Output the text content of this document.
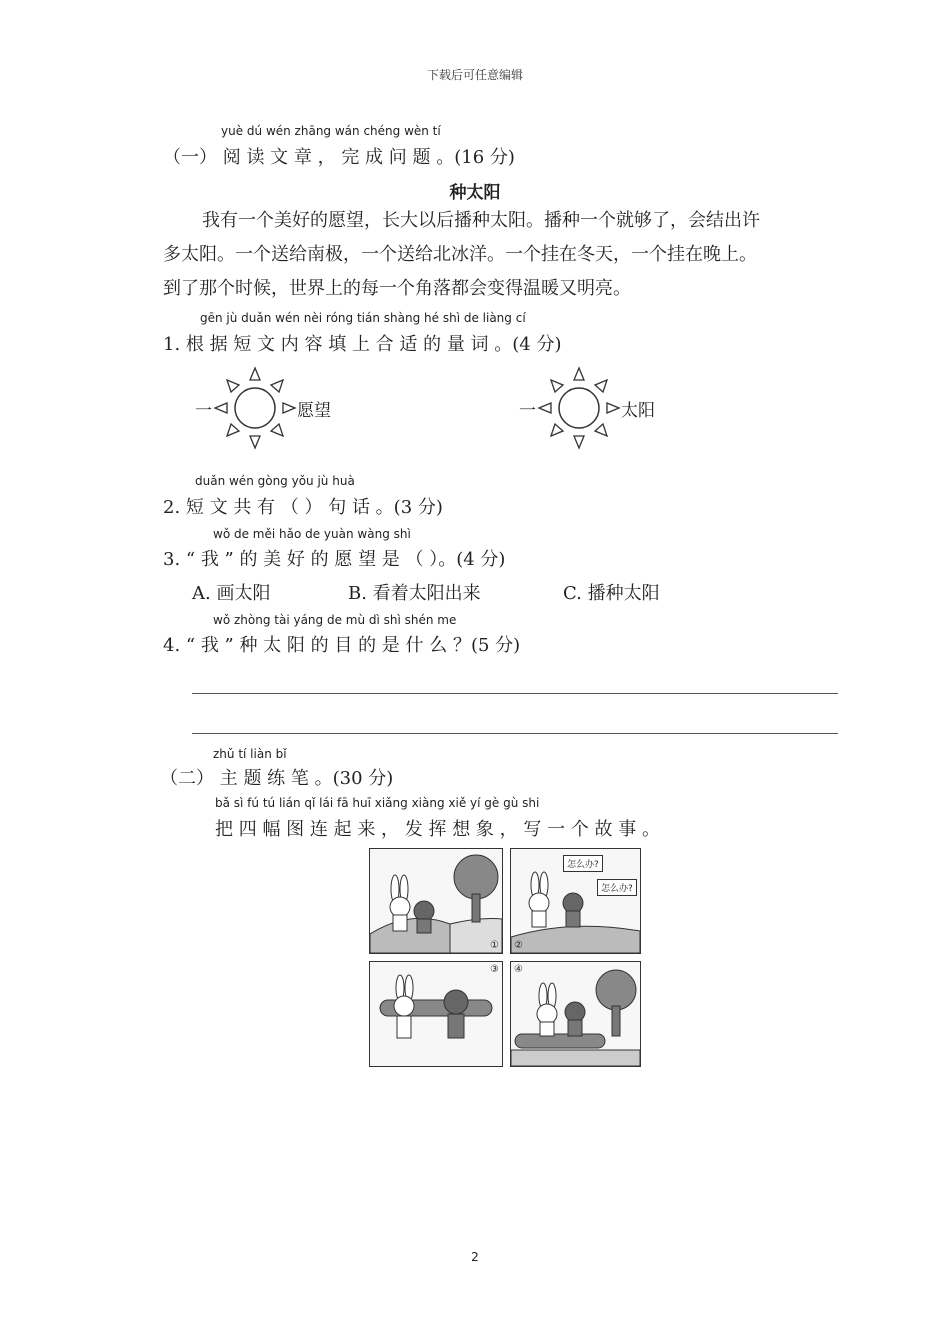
下载后可任意编辑
yuè dú wén zhāng wán chéng wèn tí
（一） 阅 读 文 章 ， 完 成 问 题 。(16 分)
种太阳
我有一个美好的愿望，长大以后播种太阳。播种一个就够了，会结出许
多太阳。一个送给南极，一个送给北冰洋。一个挂在冬天，一个挂在晚上。
到了那个时候，世界上的每一个角落都会变得温暖又明亮。
gēn jù duǎn wén nèi róng tián shàng hé shì de liàng cí
1. 根 据 短 文 内 容 填 上 合 适 的 量 词 。(4 分)
一	愿望	一	太阳
duǎn wén gòng yǒu jù huà
2. 短 文 共 有 （ ） 句 话 。(3 分)
wǒ de měi hǎo de yuàn wàng shì
3. “ 我 ” 的 美 好 的 愿 望 是 （ ）。(4 分)
A. 画太阳	B. 看着太阳出来	C. 播种太阳
wǒ zhòng tài yáng de mù dì shì shén me
4. “ 我 ” 种 太 阳 的 目 的 是 什 么 ？(5 分)
zhǔ tí liàn bǐ
（二） 主 题 练 笔 。(30 分)
bǎ sì fú tú lián qǐ lái fā huī xiǎng xiàng xiě yí gè gù shi
把 四 幅 图 连 起 来 ， 发 挥 想 象 ， 写 一 个 故 事 。
①
怎么办?
怎么办?
②
③ ④
2
